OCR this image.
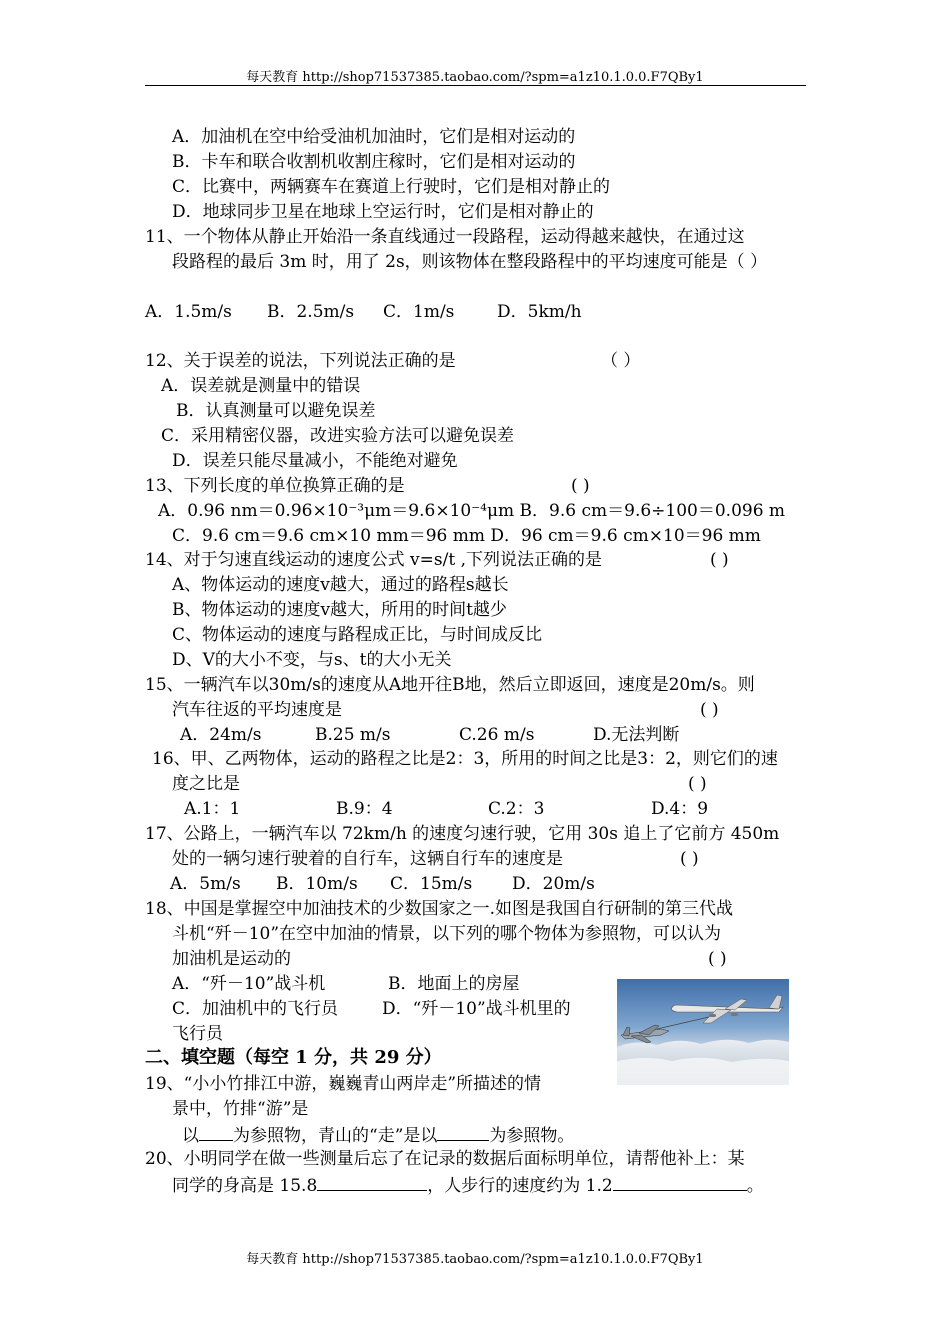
每天教育 http://shop71537385.taobao.com/?spm=a1z10.1.0.0.F7QBy1
A．加油机在空中给受油机加油时，它们是相对运动的
B．卡车和联合收割机收割庄稼时，它们是相对运动的
C．比赛中，两辆赛车在赛道上行驶时，它们是相对静止的
D．地球同步卫星在地球上空运行时，它们是相对静止的
11、一个物体从静止开始沿一条直线通过一段路程，运动得越来越快，在通过这
段路程的最后 3m 时，用了 2s，则该物体在整段路程中的平均速度可能是（ ）
A．1.5m/s B．2.5m/s C．1m/s	D．5km/h
12、关于误差的说法，下列说法正确的是	（ ）
A．误差就是测量中的错误
B．认真测量可以避免误差
C．采用精密仪器，改进实验方法可以避免误差
D．误差只能尽量减小，不能绝对避免
13、下列长度的单位换算正确的是	( )
A．0.96 nm＝0.96×10⁻³μm＝9.6×10⁻⁴μm B．9.6 cm＝9.6÷100＝0.096 m
C．9.6 cm＝9.6 cm×10 mm＝96 mm D．96 cm＝9.6 cm×10＝96 mm
14、对于匀速直线运动的速度公式 v=s/t ,下列说法正确的是	( )
A、物体运动的速度v越大，通过的路程s越长
B、物体运动的速度v越大，所用的时间t越少
C、物体运动的速度与路程成正比，与时间成反比
D、V的大小不变，与s、t的大小无关
15、一辆汽车以30m/s的速度从A地开往B地，然后立即返回，速度是20m/s。则
汽车往返的平均速度是	( )
A．24m/s	B.25 m/s	C.26 m/s	D.无法判断
16、甲、乙两物体，运动的路程之比是2：3，所用的时间之比是3：2，则它们的速
度之比是	( )
A.1：1	B.9：4	C.2：3	D.4：9
17、公路上，一辆汽车以 72km/h 的速度匀速行驶，它用 30s 追上了它前方 450m
处的一辆匀速行驶着的自行车，这辆自行车的速度是	( )
A．5m/s B．10m/s C．15m/s D．20m/s
18、中国是掌握空中加油技术的少数国家之一.如图是我国自行研制的第三代战
斗机“歼－10”在空中加油的情景，以下列的哪个物体为参照物，可以认为
加油机是运动的	( )
A．“歼－10”战斗机	B．地面上的房屋
C．加油机中的飞行员	D．“歼－10”战斗机里的
飞行员
二、填空题（每空 1 分，共 29 分）
19、“小小竹排江中游，巍巍青山两岸走”所描述的情
景中，竹排“游”是
以 为参照物，青山的“走”是以	为参照物。
20、小明同学在做一些测量后忘了在记录的数据后面标明单位，请帮他补上：某
同学的身高是 15.8	，人步行的速度约为 1.2	。
每天教育 http://shop71537385.taobao.com/?spm=a1z10.1.0.0.F7QBy1
